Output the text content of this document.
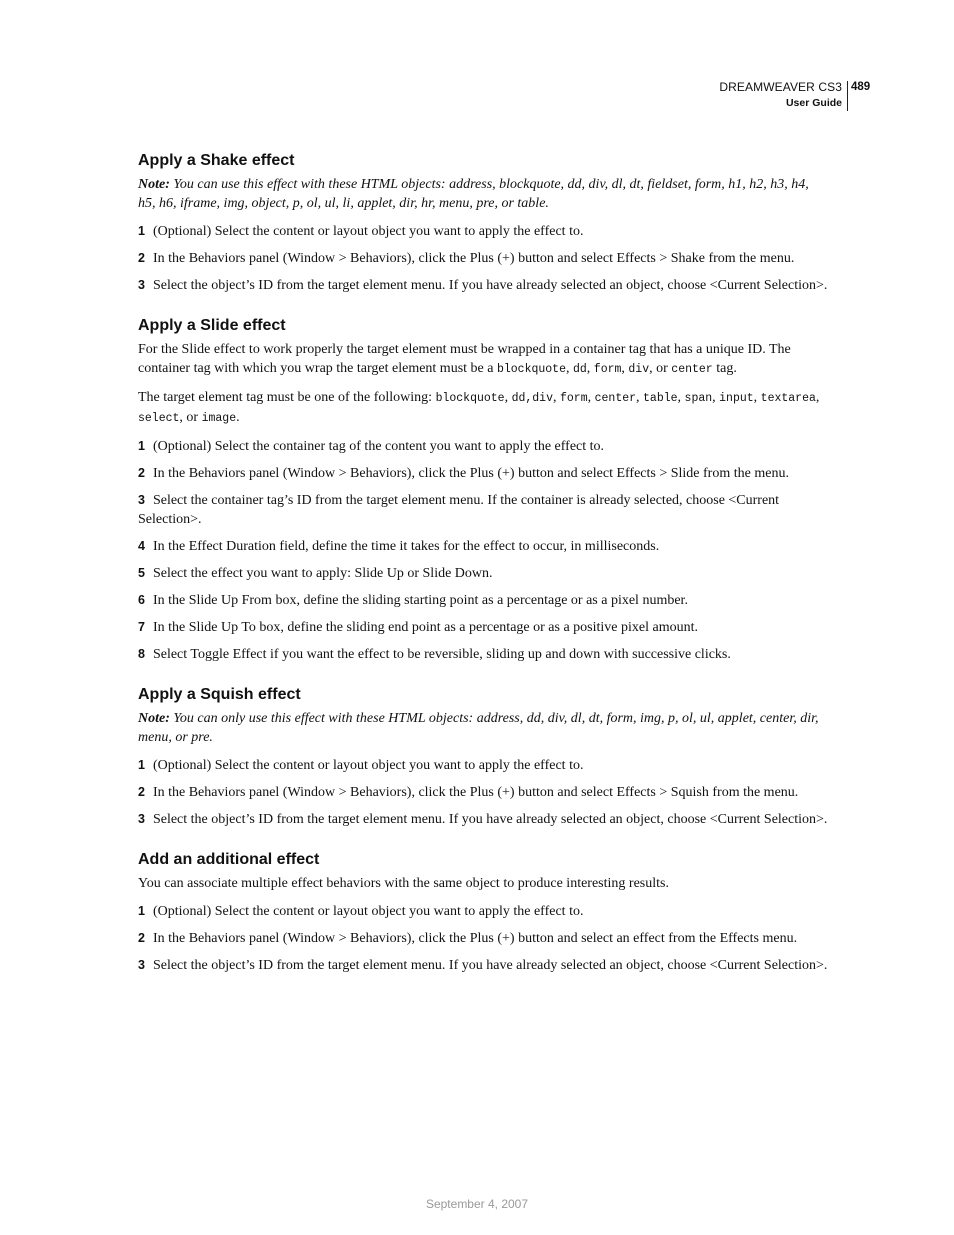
DREAMWEAVER CS3
User Guide
489
Apply a Shake effect

Note: You can use this effect with these HTML objects: address, blockquote, dd, div, dl, dt, fieldset, form, h1, h2, h3, h4, h5, h6, iframe, img, object, p, ol, ul, li, applet, dir, hr, menu, pre, or table.

1 (Optional) Select the content or layout object you want to apply the effect to.
2 In the Behaviors panel (Window > Behaviors), click the Plus (+) button and select Effects > Shake from the menu.
3 Select the object’s ID from the target element menu. If you have already selected an object, choose <Current Selection>.
Apply a Slide effect

For the Slide effect to work properly the target element must be wrapped in a container tag that has a unique ID. The container tag with which you wrap the target element must be a blockquote, dd, form, div, or center tag.

The target element tag must be one of the following: blockquote, dd,div, form, center, table, span, input, textarea, select, or image.

1 (Optional) Select the container tag of the content you want to apply the effect to.
2 In the Behaviors panel (Window > Behaviors), click the Plus (+) button and select Effects > Slide from the menu.
3 Select the container tag’s ID from the target element menu. If the container is already selected, choose <Current Selection>.
4 In the Effect Duration field, define the time it takes for the effect to occur, in milliseconds.
5 Select the effect you want to apply: Slide Up or Slide Down.
6 In the Slide Up From box, define the sliding starting point as a percentage or as a pixel number.
7 In the Slide Up To box, define the sliding end point as a percentage or as a positive pixel amount.
8 Select Toggle Effect if you want the effect to be reversible, sliding up and down with successive clicks.
Apply a Squish effect

Note: You can only use this effect with these HTML objects: address, dd, div, dl, dt, form, img, p, ol, ul, applet, center, dir, menu, or pre.

1 (Optional) Select the content or layout object you want to apply the effect to.
2 In the Behaviors panel (Window > Behaviors), click the Plus (+) button and select Effects > Squish from the menu.
3 Select the object’s ID from the target element menu. If you have already selected an object, choose <Current Selection>.
Add an additional effect

You can associate multiple effect behaviors with the same object to produce interesting results.

1 (Optional) Select the content or layout object you want to apply the effect to.
2 In the Behaviors panel (Window > Behaviors), click the Plus (+) button and select an effect from the Effects menu.
3 Select the object’s ID from the target element menu. If you have already selected an object, choose <Current Selection>.
September 4, 2007
